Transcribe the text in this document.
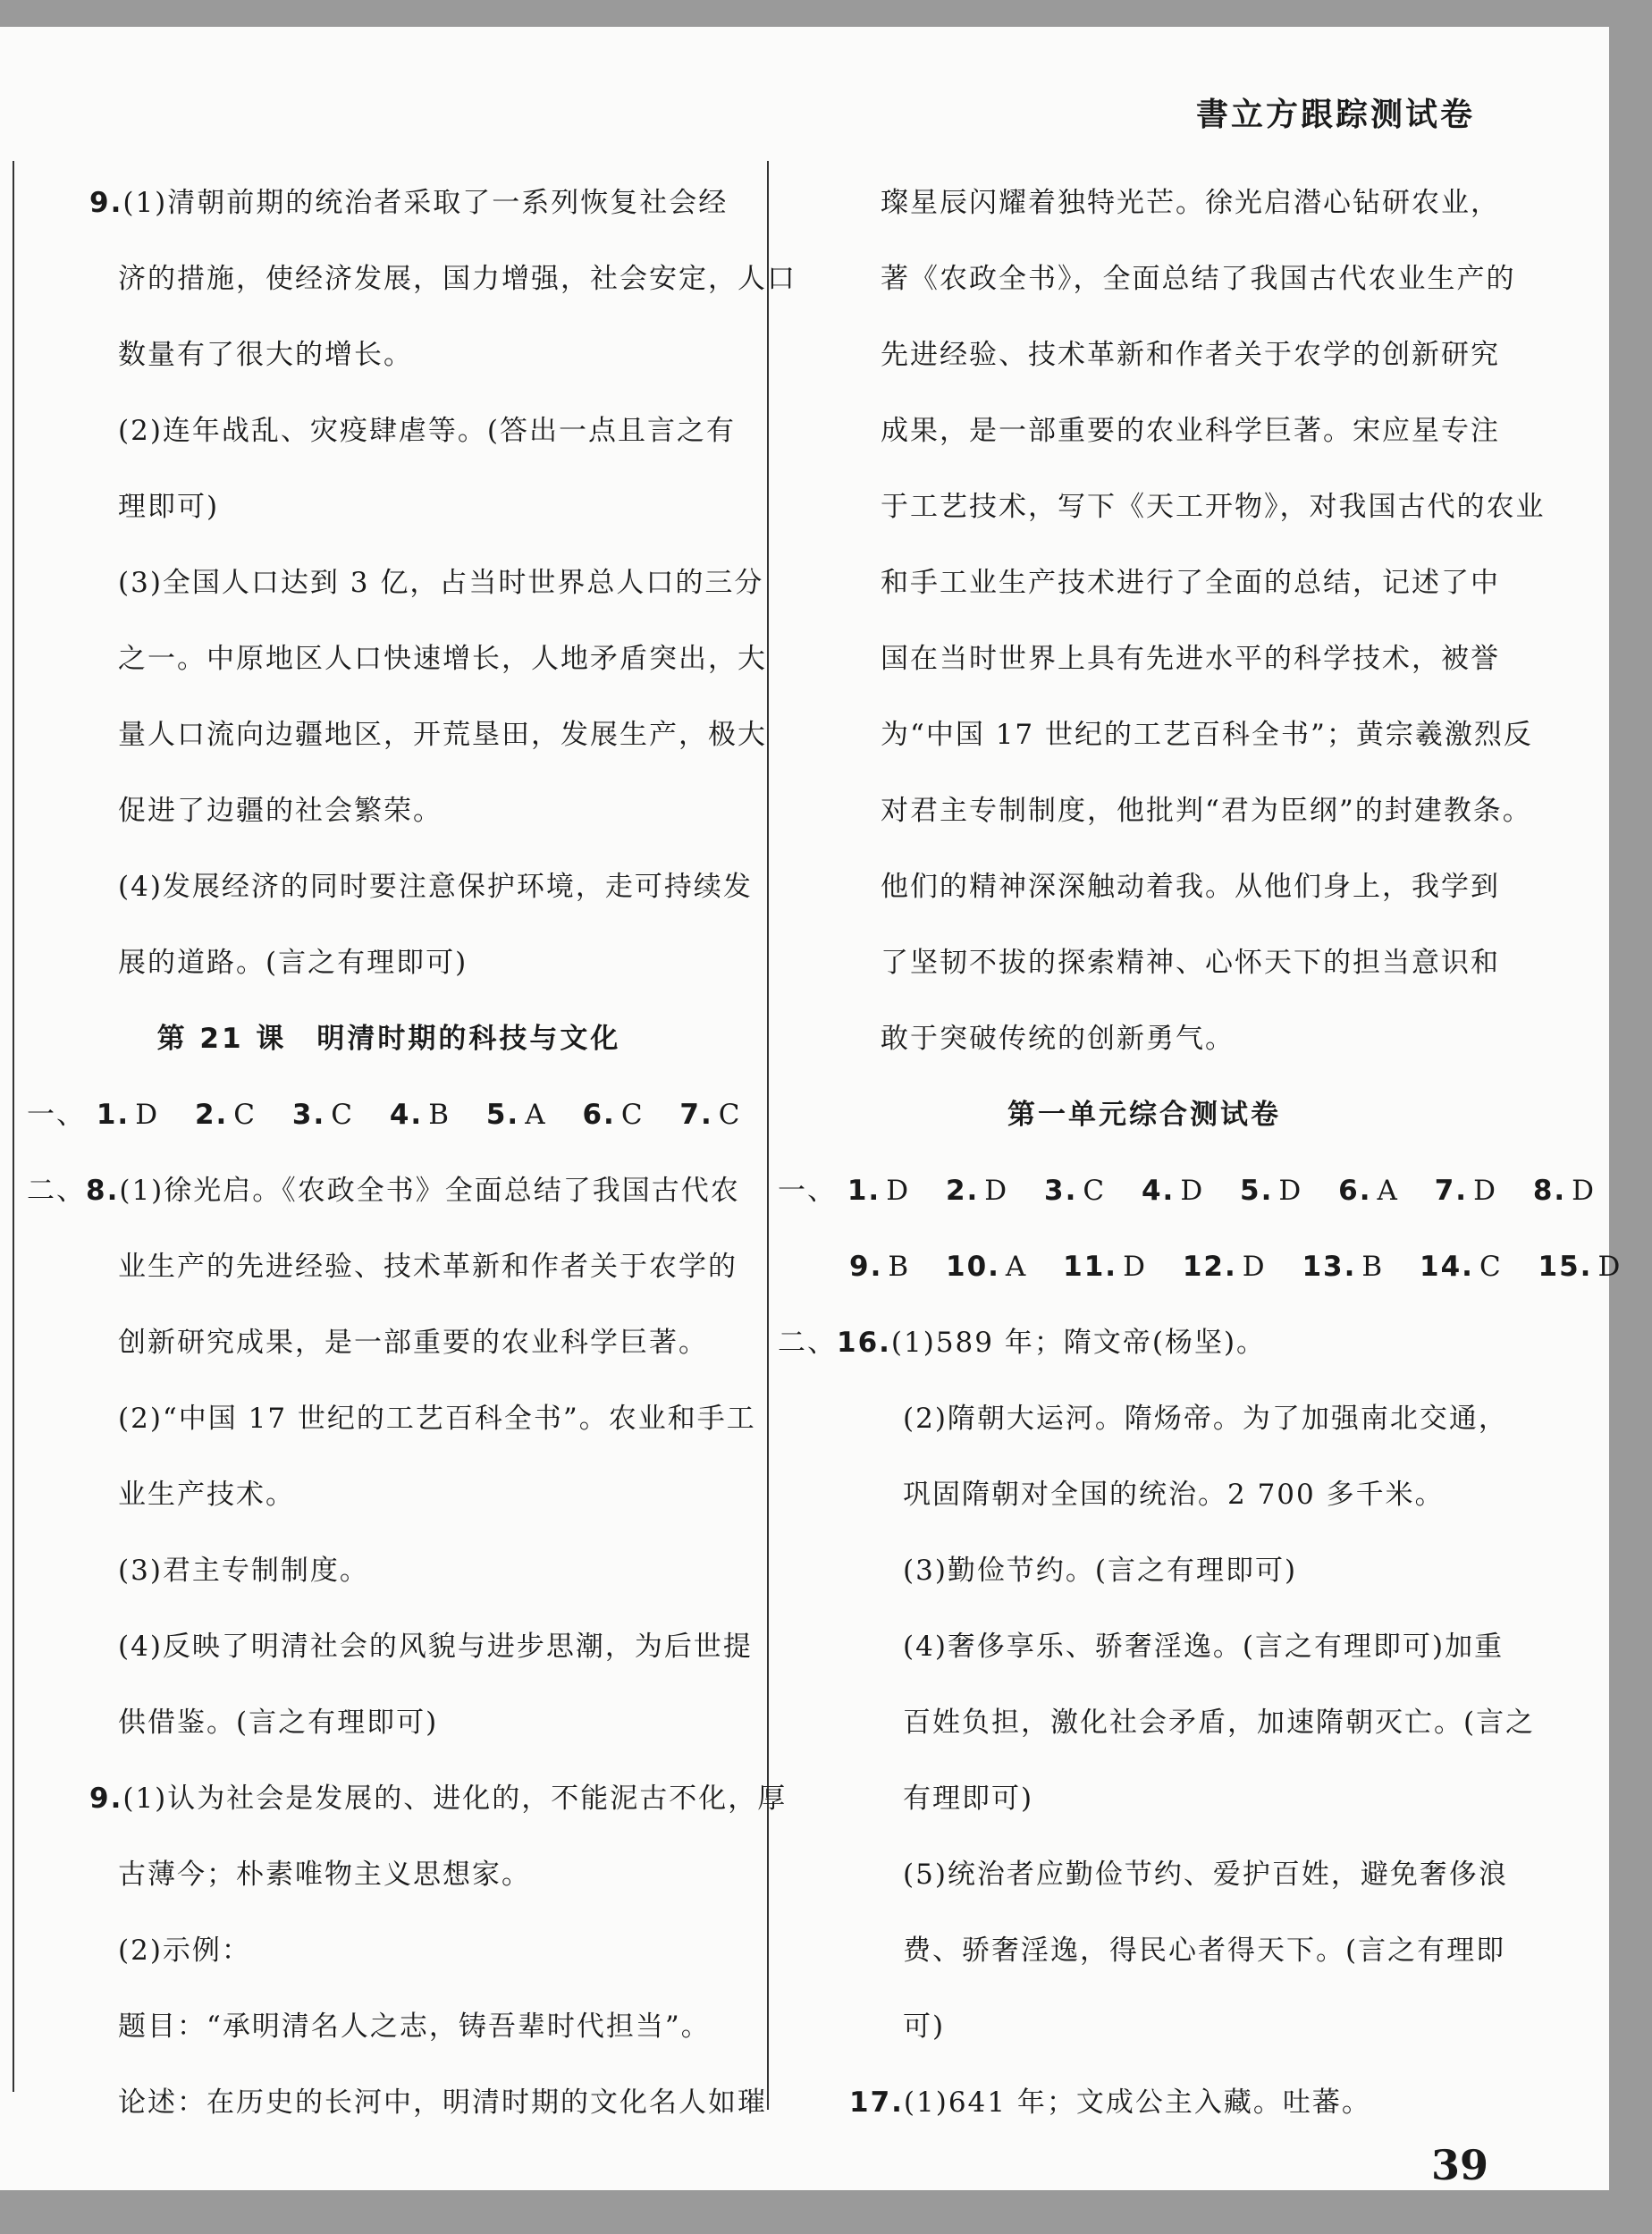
書立方跟踪测试卷
9.(1)清朝前期的统治者采取了一系列恢复社会经
济的措施，使经济发展，国力增强，社会安定，人口
数量有了很大的增长。
(2)连年战乱、灾疫肆虐等。(答出一点且言之有
理即可)
(3)全国人口达到 3 亿，占当时世界总人口的三分
之一。中原地区人口快速增长，人地矛盾突出，大
量人口流向边疆地区，开荒垦田，发展生产，极大
促进了边疆的社会繁荣。
(4)发展经济的同时要注意保护环境，走可持续发
展的道路。(言之有理即可)
第 21 课　明清时期的科技与文化
一、 1. D 2. C 3. C 4. B 5. A 6. C 7. C
二、8.(1)徐光启。《农政全书》全面总结了我国古代农
业生产的先进经验、技术革新和作者关于农学的
创新研究成果，是一部重要的农业科学巨著。
(2)“中国 17 世纪的工艺百科全书”。农业和手工
业生产技术。
(3)君主专制制度。
(4)反映了明清社会的风貌与进步思潮，为后世提
供借鉴。(言之有理即可)
9.(1)认为社会是发展的、进化的，不能泥古不化，厚
古薄今；朴素唯物主义思想家。
(2)示例：
题目：“承明清名人之志，铸吾辈时代担当”。
论述：在历史的长河中，明清时期的文化名人如璀
璨星辰闪耀着独特光芒。徐光启潜心钻研农业，
著《农政全书》，全面总结了我国古代农业生产的
先进经验、技术革新和作者关于农学的创新研究
成果，是一部重要的农业科学巨著。宋应星专注
于工艺技术，写下《天工开物》，对我国古代的农业
和手工业生产技术进行了全面的总结，记述了中
国在当时世界上具有先进水平的科学技术，被誉
为“中国 17 世纪的工艺百科全书”；黄宗羲激烈反
对君主专制制度，他批判“君为臣纲”的封建教条。
他们的精神深深触动着我。从他们身上，我学到
了坚韧不拔的探索精神、心怀天下的担当意识和
敢于突破传统的创新勇气。
第一单元综合测试卷
一、 1. D 2. D 3. C 4. D 5. D 6. A 7. D 8. D
9. B 10. A 11. D 12. D 13. B 14. C 15. D
二、16.(1)589 年；隋文帝(杨坚)。
(2)隋朝大运河。隋炀帝。为了加强南北交通，
巩固隋朝对全国的统治。2 700 多千米。
(3)勤俭节约。(言之有理即可)
(4)奢侈享乐、骄奢淫逸。(言之有理即可)加重
百姓负担，激化社会矛盾，加速隋朝灭亡。(言之
有理即可)
(5)统治者应勤俭节约、爱护百姓，避免奢侈浪
费、骄奢淫逸，得民心者得天下。(言之有理即
可)
17.(1)641 年；文成公主入藏。吐蕃。
39
